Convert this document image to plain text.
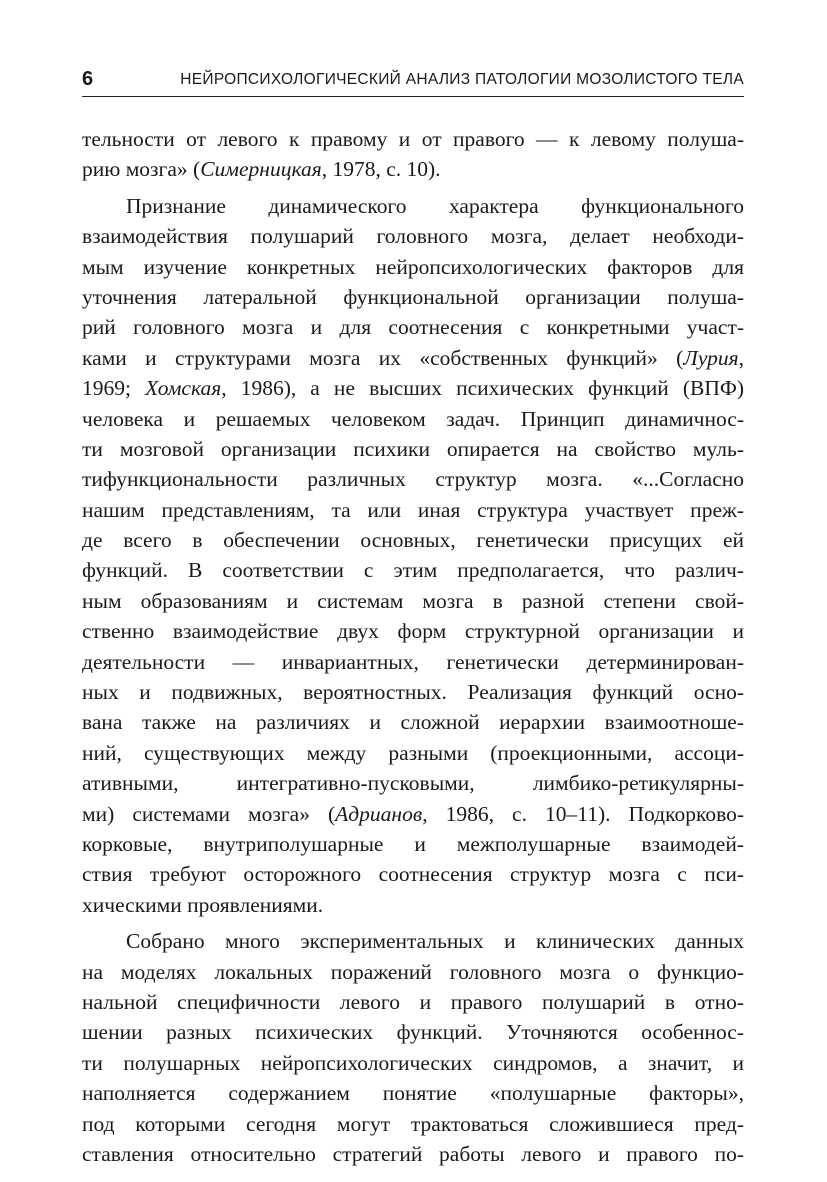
6	НЕЙРОПСИХОЛОГИЧЕСКИЙ АНАЛИЗ ПАТОЛОГИИ МОЗОЛИСТОГО ТЕЛА
тельности от левого к правому и от правого — к левому полуша-
рию мозга» (Симерницкая, 1978, с. 10).
Признание динамического характера функционального
взаимодействия полушарий головного мозга, делает необходи-
мым изучение конкретных нейропсихологических факторов для
уточнения латеральной функциональной организации полуша-
рий головного мозга и для соотнесения с конкретными участ-
ками и структурами мозга их «собственных функций» (Лурия,
1969; Хомская, 1986), а не высших психических функций (ВПФ)
человека и решаемых человеком задач. Принцип динамичнос-
ти мозговой организации психики опирается на свойство муль-
тифункциональности различных структур мозга. «...Согласно
нашим представлениям, та или иная структура участвует преж-
де всего в обеспечении основных, генетически присущих ей
функций. В соответствии с этим предполагается, что различ-
ным образованиям и системам мозга в разной степени свой-
ственно взаимодействие двух форм структурной организации и
деятельности — инвариантных, генетически детерминирован-
ных и подвижных, вероятностных. Реализация функций осно-
вана также на различиях и сложной иерархии взаимоотноше-
ний, существующих между разными (проекционными, ассоци-
ативными, интегративно-пусковыми, лимбико-ретикулярны-
ми) системами мозга» (Адрианов, 1986, с. 10–11). Подкорково-
корковые, внутриполушарные и межполушарные взаимодей-
ствия требуют осторожного соотнесения структур мозга с пси-
хическими проявлениями.
Собрано много экспериментальных и клинических данных
на моделях локальных поражений головного мозга о функцио-
нальной специфичности левого и правого полушарий в отно-
шении разных психических функций. Уточняются особеннос-
ти полушарных нейропсихологических синдромов, а значит, и
наполняется содержанием понятие «полушарные факторы»,
под которыми сегодня могут трактоваться сложившиеся пред-
ставления относительно стратегий работы левого и правого по-
